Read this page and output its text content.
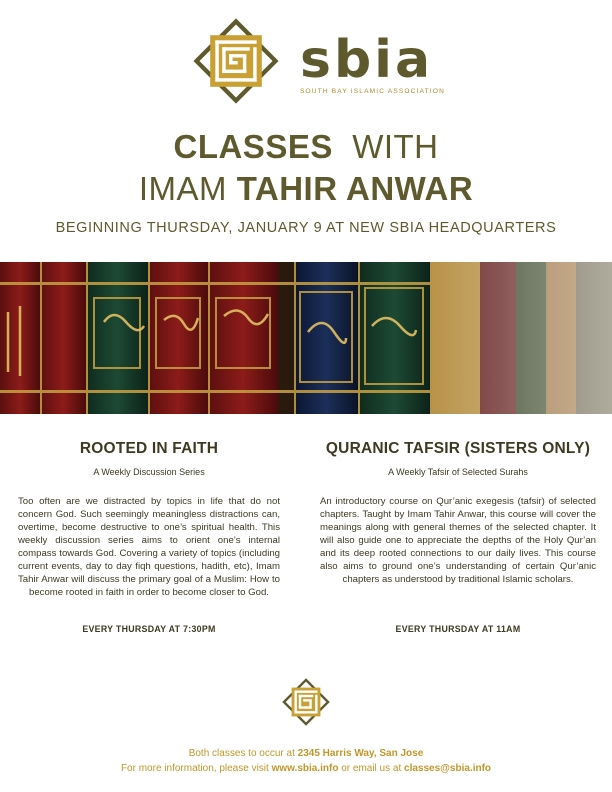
sbia
SOUTH BAY ISLAMIC ASSOCIATION
CLASSES WITH
IMAM TAHIR ANWAR
BEGINNING THURSDAY, JANUARY 9 AT NEW SBIA HEADQUARTERS
ROOTED IN FAITH
A Weekly Discussion Series
Too often are we distracted by topics in life that do not concern God. Such seemingly meaningless distractions can, overtime, become destructive to one’s spiritual health. This weekly discussion series aims to orient one’s internal compass towards God. Covering a variety of topics (including current events, day to day fiqh questions, hadith, etc), Imam Tahir Anwar will discuss the primary goal of a Muslim: How to become rooted in faith in order to become closer to God.
EVERY THURSDAY AT 7:30PM
QURANIC TAFSIR (SISTERS ONLY)
A Weekly Tafsir of Selected Surahs
An introductory course on Qur’anic exegesis (tafsir) of selected chapters. Taught by Imam Tahir Anwar, this course will cover the meanings along with general themes of the selected chapter. It will also guide one to appreciate the depths of the Holy Qur’an and its deep rooted connections to our daily lives. This course also aims to ground one’s understanding of certain Qur’anic chapters as understood by traditional Islamic scholars.
EVERY THURSDAY AT 11AM
Both classes to occur at 2345 Harris Way, San Jose
For more information, please visit www.sbia.info or email us at classes@sbia.info
